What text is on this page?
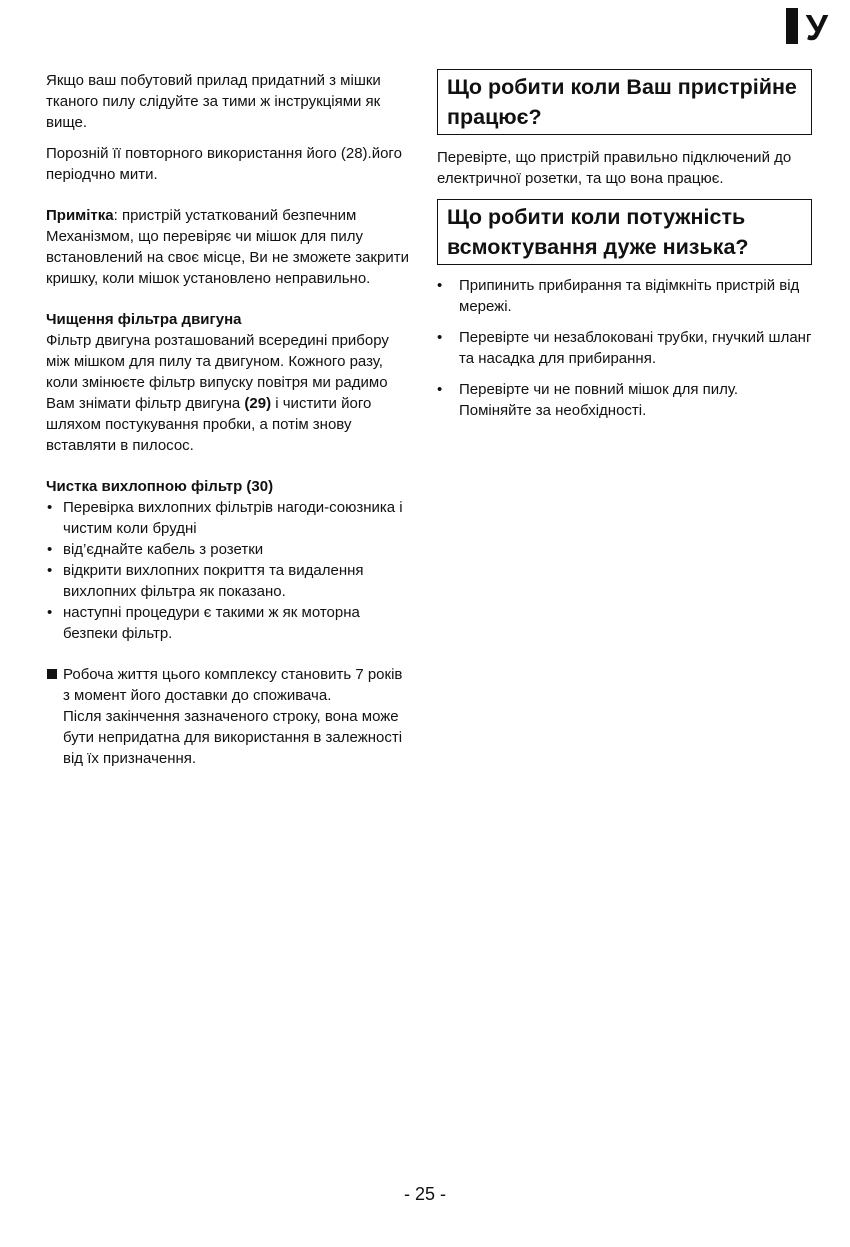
У

Якщо ваш побутовий прилад придатний з мішки тканого пилу слідуйте за тими ж інструкціями як вище.

Порозній її повторного використання його (28).його періодчно мити.

Примітка: пристрій устаткований безпечним Механізмом, що перевіряє чи мішок для пилу встановлений на своє місце, Ви не зможете закрити кришку, коли мішок установлено неправильно.

Чищення фільтра двигуна

Фільтр двигуна розташований всередині прибору між мішком для пилу та двигуном. Кожного разу, коли змінюєте фільтр випуску повітря ми радимо Вам знімати фільтр двигуна (29) і чистити його шляхом постукування пробки, а потім знову вставляти в пилосос.

Чистка вихлопною фільтр (30)

• Перевірка вихлопних фільтрів нагоди-союзника і чистим коли брудні
• від’єднайте кабель з розетки
• відкрити вихлопних покриття та видалення вихлопних фільтра як показано.
• наступні процедури є такими ж як моторна безпеки фільтр.

Робоча життя цього комплексу становить 7 років з момент його доставки до споживача.

Після закінчення зазначеного строку, вона може бути непридатна для використання в залежності від їх призначення.

Що робити коли Ваш пристрійне працює?

Перевірте, що пристрій правильно підключений до електричної розетки, та що вона працює.

Що робити коли потужність всмоктування дуже низька?
• Припинить прибирання та відімкніть пристрій від мережі.
• Перевірте чи незаблоковані трубки, гнучкий шланг та насадка для прибирання.
• Перевірте чи не повний мішок для пилу. Поміняйте за необхідності.
- 25 -
